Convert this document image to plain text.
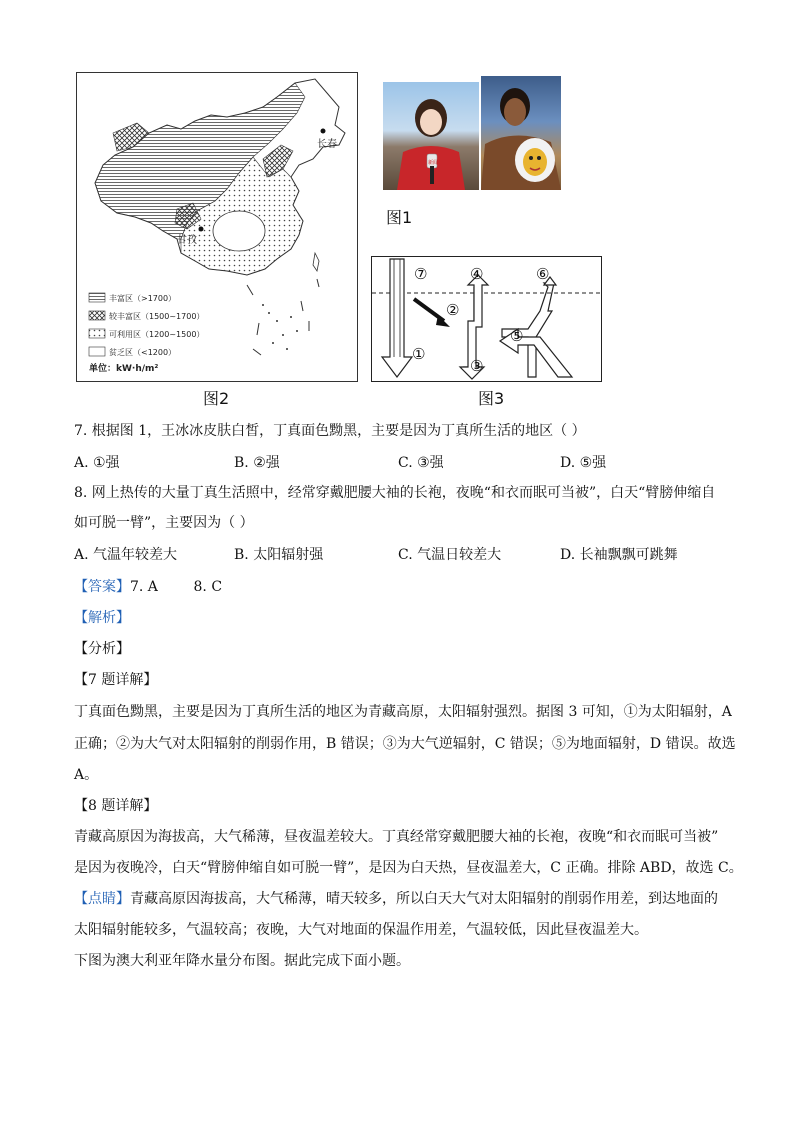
长春
甘孜
丰富区（>1700）
较丰富区（1500~1700）
可利用区（1200~1500）
贫乏区（<1200）
单位：kW·h/m²
图2
新闻
图1
⑦	④	⑥
②
⑤
①
③
图3
7. 根据图 1，王冰冰皮肤白皙，丁真面色黝黑，主要是因为丁真所生活的地区（ ）
A. ①强	B. ②强	C. ③强	D. ⑤强
8. 网上热传的大量丁真生活照中，经常穿戴肥腰大袖的长袍，夜晚“和衣而眠可当被”，白天“臂膀伸缩自
如可脱一臂”，主要因为（ ）
A. 气温年较差大	B. 太阳辐射强	C. 气温日较差大	D. 长袖飘飘可跳舞
【答案】7. A        8. C
【解析】
【分析】
【7 题详解】
丁真面色黝黑，主要是因为丁真所生活的地区为青藏高原，太阳辐射强烈。据图 3 可知，①为太阳辐射，A
正确；②为大气对太阳辐射的削弱作用，B 错误；③为大气逆辐射，C 错误；⑤为地面辐射，D 错误。故选
A。
【8 题详解】
青藏高原因为海拔高，大气稀薄，昼夜温差较大。丁真经常穿戴肥腰大袖的长袍，夜晚“和衣而眠可当被”
是因为夜晚冷，白天“臂膀伸缩自如可脱一臂”，是因为白天热，昼夜温差大，C 正确。排除 ABD，故选 C。
【点睛】青藏高原因海拔高，大气稀薄，晴天较多，所以白天大气对太阳辐射的削弱作用差，到达地面的
太阳辐射能较多，气温较高；夜晚，大气对地面的保温作用差，气温较低，因此昼夜温差大。
下图为澳大利亚年降水量分布图。据此完成下面小题。
